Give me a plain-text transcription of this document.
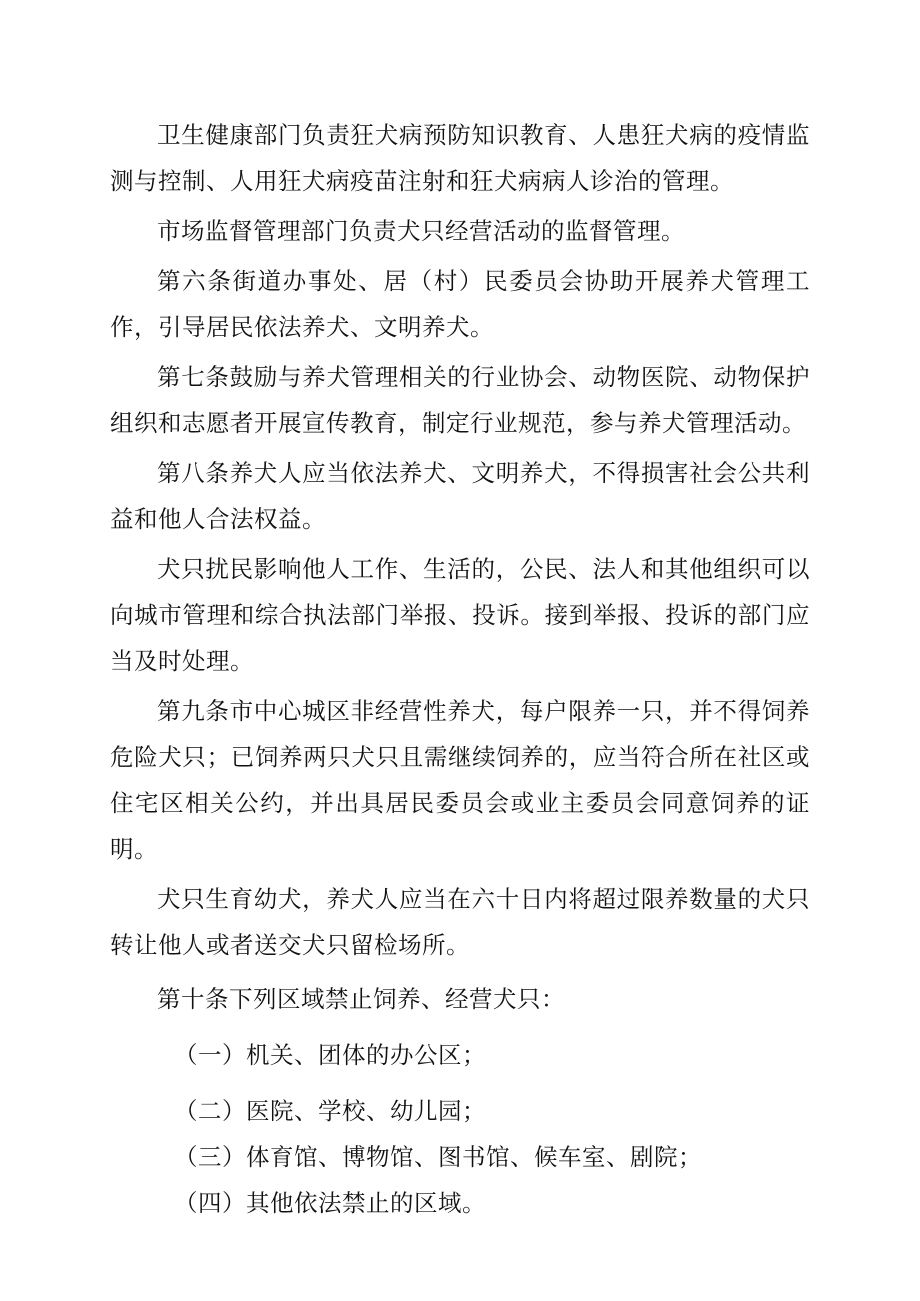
卫生健康部门负责狂犬病预防知识教育、人患狂犬病的疫情监测与控制、人用狂犬病疫苗注射和狂犬病病人诊治的管理。

市场监督管理部门负责犬只经营活动的监督管理。

第六条街道办事处、居（村）民委员会协助开展养犬管理工作，引导居民依法养犬、文明养犬。

第七条鼓励与养犬管理相关的行业协会、动物医院、动物保护组织和志愿者开展宣传教育，制定行业规范，参与养犬管理活动。

第八条养犬人应当依法养犬、文明养犬，不得损害社会公共利益和他人合法权益。

犬只扰民影响他人工作、生活的，公民、法人和其他组织可以向城市管理和综合执法部门举报、投诉。接到举报、投诉的部门应当及时处理。

第九条市中心城区非经营性养犬，每户限养一只，并不得饲养危险犬只；已饲养两只犬只且需继续饲养的，应当符合所在社区或住宅区相关公约，并出具居民委员会或业主委员会同意饲养的证明。

犬只生育幼犬，养犬人应当在六十日内将超过限养数量的犬只转让他人或者送交犬只留检场所。

第十条下列区域禁止饲养、经营犬只：

（一）机关、团体的办公区；

（二）医院、学校、幼儿园；

（三）体育馆、博物馆、图书馆、候车室、剧院；

（四）其他依法禁止的区域。
